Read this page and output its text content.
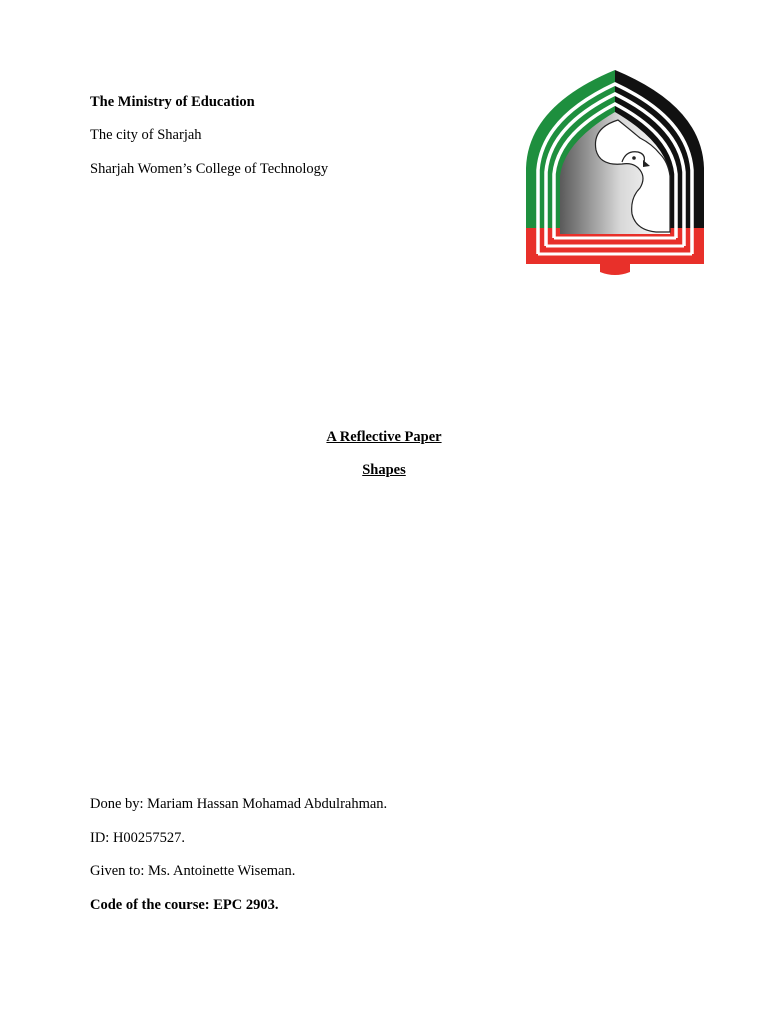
The Ministry of Education
The city of Sharjah
Sharjah Women’s College of Technology
A Reflective Paper
Shapes
Done by: Mariam Hassan Mohamad Abdulrahman.
ID: H00257527.
Given to: Ms. Antoinette Wiseman.
Code of the course: EPC 2903.
